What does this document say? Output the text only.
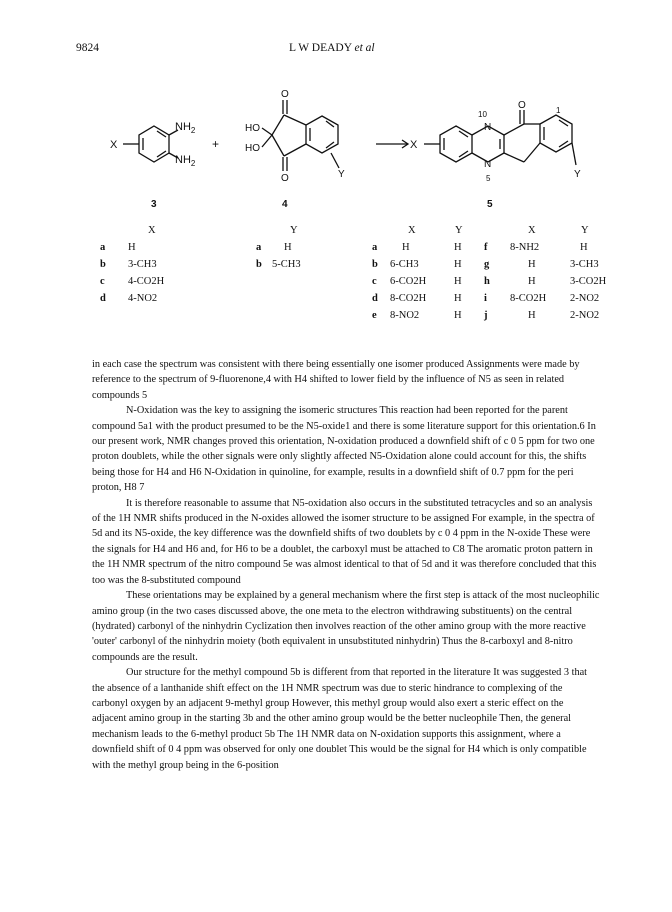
9824	L W DEADY et al
X
$NH_2$
$NH_2$
+
O
O
HO
HO
Y
X
N
N
10
5
O	1
Y
3	4	5
X
a H
b 3-CH3
c 4-CO2H
d 4-NO2
Y
a H
b 5-CH3
X	Y
a H	H
b 6-CH3	H
c 6-CO2H	H
d 8-CO2H	H
e 8-NO2	H
X	Y
f 8-NH2	H
g	H	3-CH3
h	H	3-CO2H
i 8-CO2H 2-NO2
j	H	2-NO2

in each case the spectrum was consistent with there being essentially one isomer produced Assignments were made by reference to the spectrum of 9-fluorenone,4 with H4 shifted to lower field by the influence of N5 as seen in related compounds 5

N-Oxidation was the key to assigning the isomeric structures This reaction had been reported for the parent compound 5a1 with the product presumed to be the N5-oxide1 and there is some literature support for this orientation.6 In our present work, NMR changes proved this orientation, N-oxidation produced a downfield shift of c 0 5 ppm for two one proton doublets, while the other signals were only slightly affected N5-Oxidation alone could account for this, the shifts being those for H4 and H6 N-Oxidation in quinoline, for example, results in a downfield shift of 0.7 ppm for the peri proton, H8 7

It is therefore reasonable to assume that N5-oxidation also occurs in the substituted tetracycles and so an analysis of the 1H NMR shifts produced in the N-oxides allowed the isomer structure to be assigned For example, in the spectra of 5d and its N5-oxide, the key difference was the downfield shifts of two doublets by c 0 4 ppm in the N-oxide These were the signals for H4 and H6 and, for H6 to be a doublet, the carboxyl must be attached to C8 The aromatic proton pattern in the 1H NMR spectrum of the nitro compound 5e was almost identical to that of 5d and it was therefore concluded that this too was the 8-substituted compound

These orientations may be explained by a general mechanism where the first step is attack of the most nucleophilic amino group (in the two cases discussed above, the one meta to the electron withdrawing substituents) on the central (hydrated) carbonyl of the ninhydrin Cyclization then involves reaction of the other amino group with the more reactive 'outer' carbonyl of the ninhydrin moiety (both equivalent in unsubstituted ninhydrin) Thus the 8-carboxyl and 8-nitro compounds are the result.

Our structure for the methyl compound 5b is different from that reported in the literature It was suggested 3 that the absence of a lanthanide shift effect on the 1H NMR spectrum was due to steric hindrance to complexing of the carbonyl oxygen by an adjacent 9-methyl group However, this methyl group would also exert a steric effect on the adjacent amino group in the starting 3b and the other amino group would be the better nucleophile Then, the general mechanism leads to the 6-methyl product 5b The 1H NMR data on N-oxidation supports this assignment, where a downfield shift of 0 4 ppm was observed for only one doublet This would be the signal for H4 which is only compatible with the methyl group being in the 6-position
